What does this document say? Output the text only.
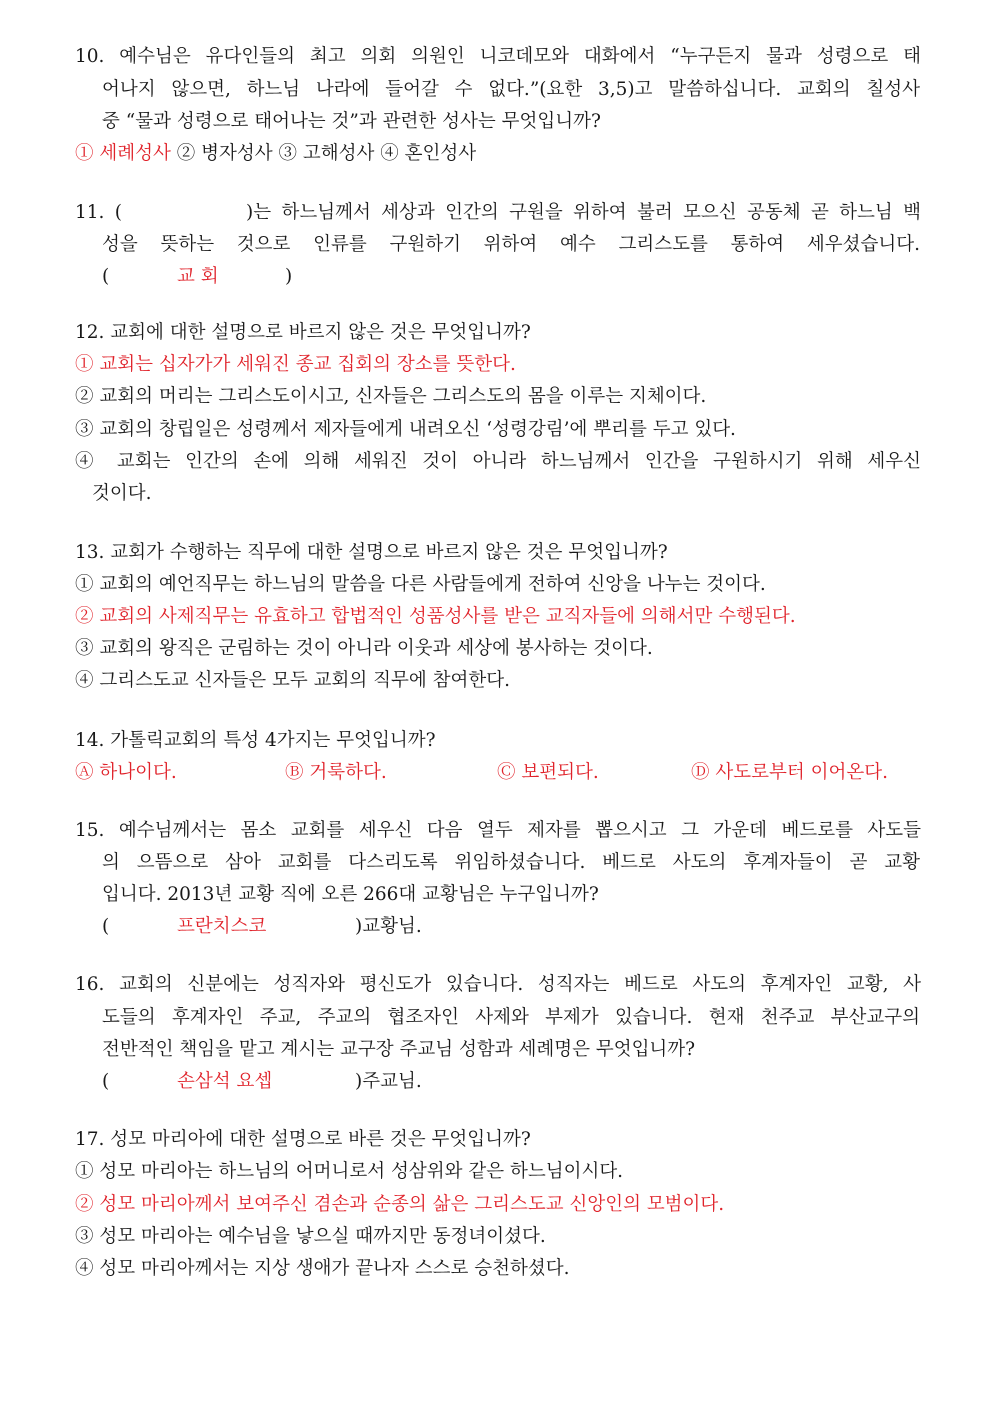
10. 예수님은 유다인들의 최고 의회 의원인 니코데모와 대화에서 “누구든지 물과 성령으로 태
어나지 않으면, 하느님 나라에 들어갈 수 없다.”(요한 3,5)고 말씀하십니다. 교회의 칠성사
중 “물과 성령으로 태어나는 것”과 관련한 성사는 무엇입니까?
① 세례성사 ② 병자성사 ③ 고해성사 ④ 혼인성사
11. (            )는 하느님께서 세상과 인간의 구원을 위하여 불러 모으신 공동체 곧 하느님 백
성을 뜻하는 것으로 인류를 구원하기 위하여 예수 그리스도를 통하여 세우셨습니다.
(	교 회	)
12. 교회에 대한 설명으로 바르지 않은 것은 무엇입니까?
① 교회는 십자가가 세워진 종교 집회의 장소를 뜻한다.
② 교회의 머리는 그리스도이시고, 신자들은 그리스도의 몸을 이루는 지체이다.
③ 교회의 창립일은 성령께서 제자들에게 내려오신 ‘성령강림’에 뿌리를 두고 있다.
④ 교회는 인간의 손에 의해 세워진 것이 아니라 하느님께서 인간을 구원하시기 위해 세우신
것이다.
13. 교회가 수행하는 직무에 대한 설명으로 바르지 않은 것은 무엇입니까?
① 교회의 예언직무는 하느님의 말씀을 다른 사람들에게 전하여 신앙을 나누는 것이다.
② 교회의 사제직무는 유효하고 합법적인 성품성사를 받은 교직자들에 의해서만 수행된다.
③ 교회의 왕직은 군림하는 것이 아니라 이웃과 세상에 봉사하는 것이다.
④ 그리스도교 신자들은 모두 교회의 직무에 참여한다.
14. 가톨릭교회의 특성 4가지는 무엇입니까?
Ⓐ 하나이다.	Ⓑ 거룩하다.	Ⓒ 보편되다.	Ⓓ 사도로부터 이어온다.
15. 예수님께서는 몸소 교회를 세우신 다음 열두 제자를 뽑으시고 그 가운데 베드로를 사도들
의 으뜸으로 삼아 교회를 다스리도록 위임하셨습니다. 베드로 사도의 후계자들이 곧 교황
입니다. 2013년 교황 직에 오른 266대 교황님은 누구입니까?
(	프란치스코	)교황님.
16. 교회의 신분에는 성직자와 평신도가 있습니다. 성직자는 베드로 사도의 후계자인 교황, 사
도들의 후계자인 주교, 주교의 협조자인 사제와 부제가 있습니다. 현재 천주교 부산교구의
전반적인 책임을 맡고 계시는 교구장 주교님 성함과 세례명은 무엇입니까?
(	손삼석 요셉	)주교님.
17. 성모 마리아에 대한 설명으로 바른 것은 무엇입니까?
① 성모 마리아는 하느님의 어머니로서 성삼위와 같은 하느님이시다.
② 성모 마리아께서 보여주신 겸손과 순종의 삶은 그리스도교 신앙인의 모범이다.
③ 성모 마리아는 예수님을 낳으실 때까지만 동정녀이셨다.
④ 성모 마리아께서는 지상 생애가 끝나자 스스로 승천하셨다.
